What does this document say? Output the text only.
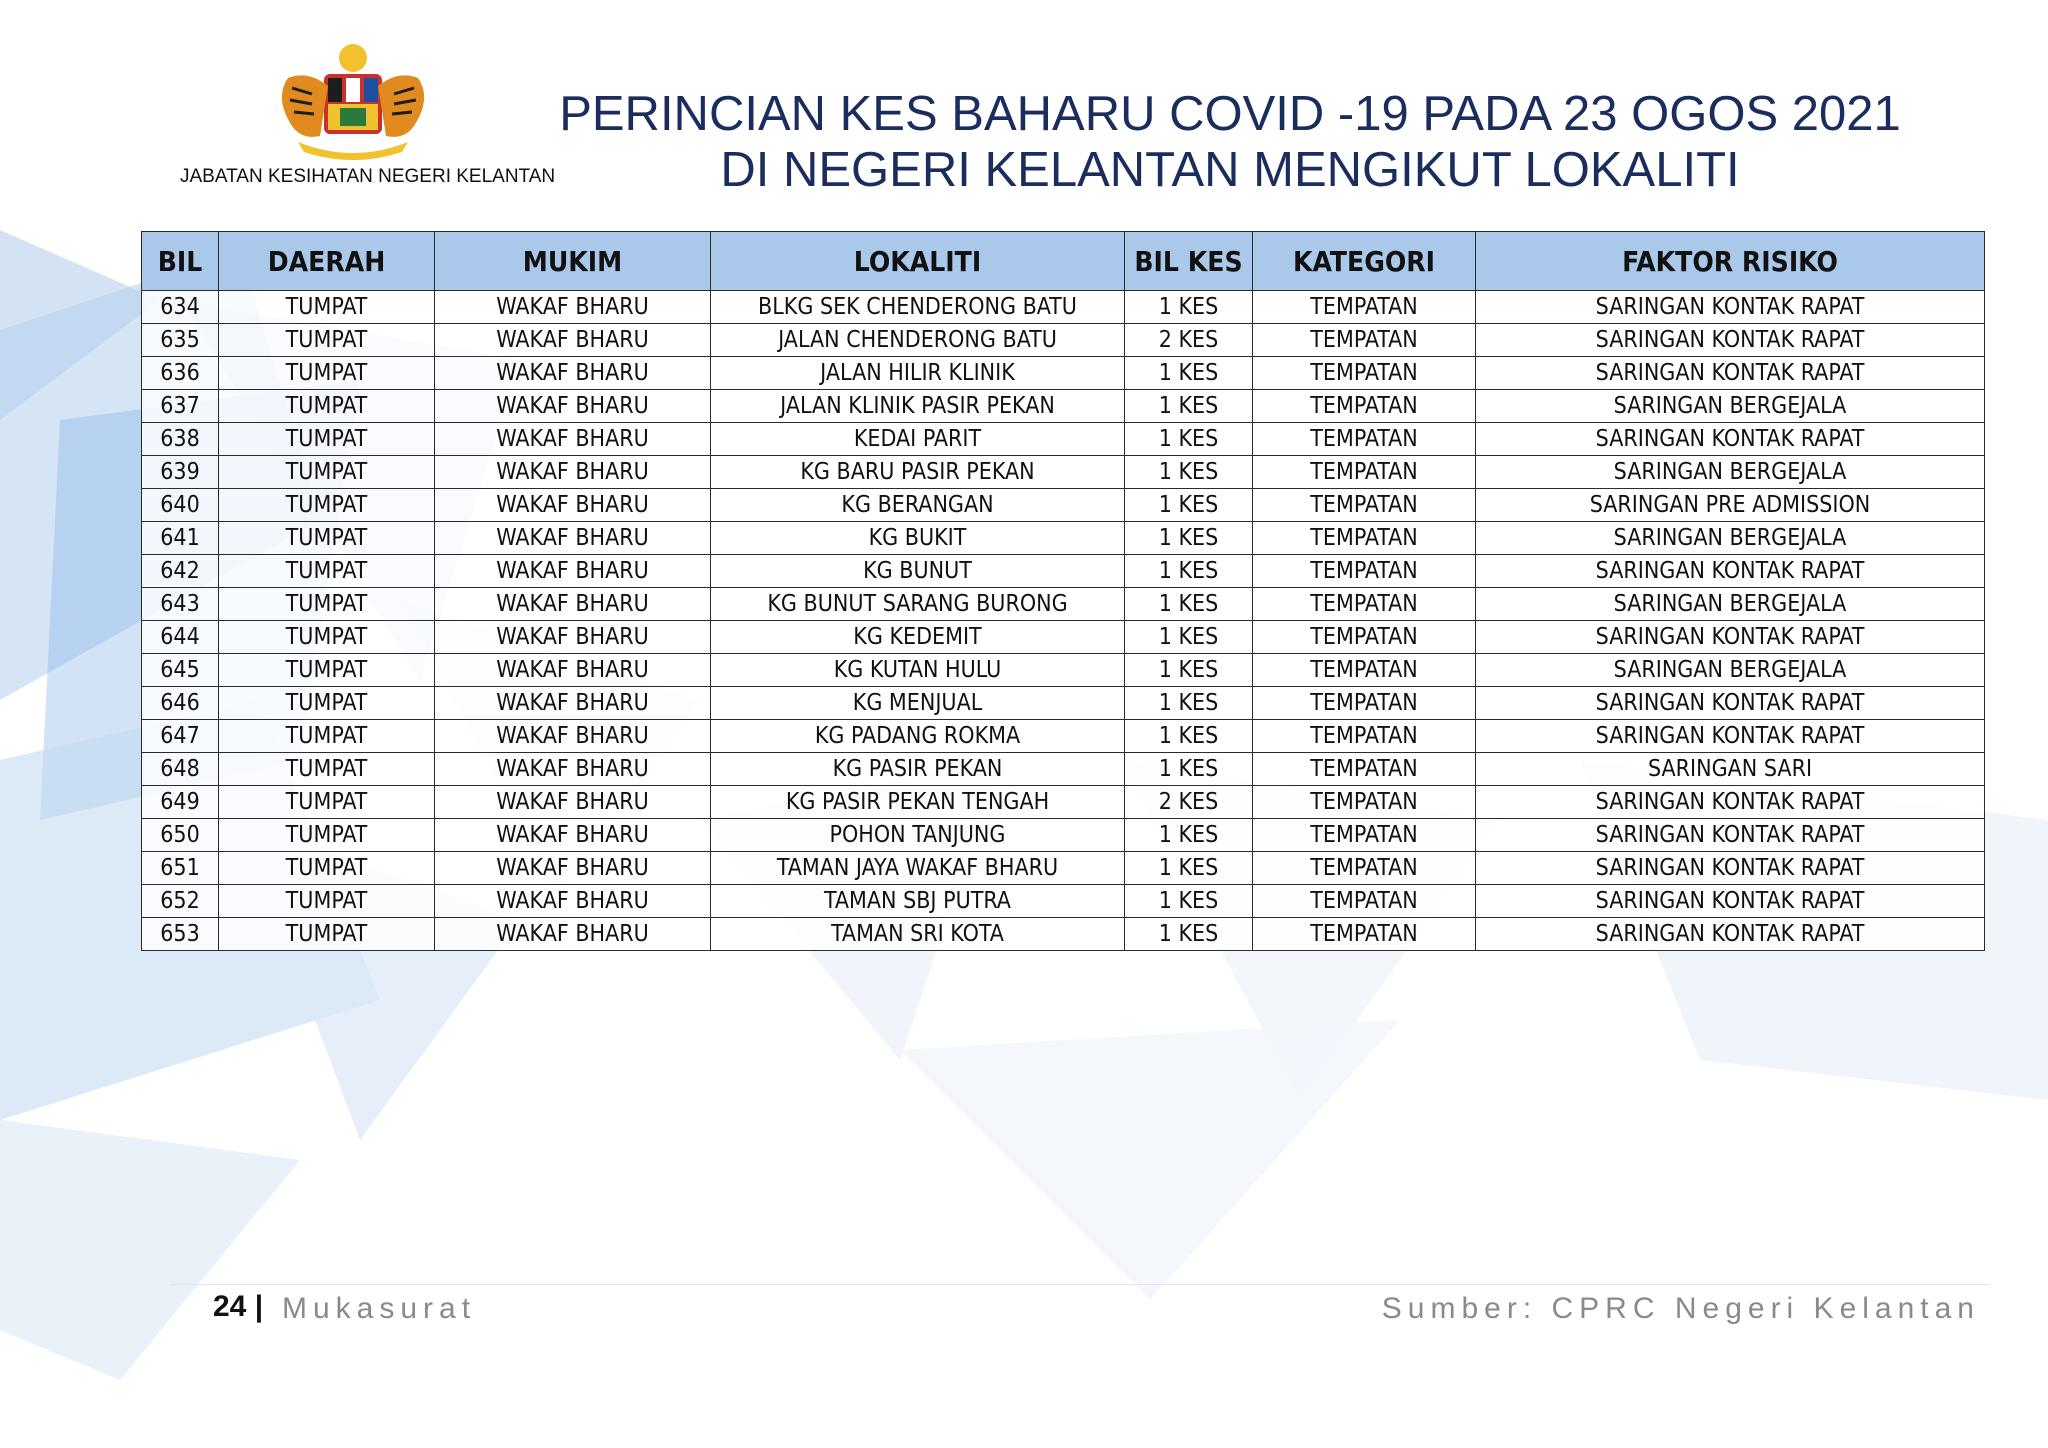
JABATAN KESIHATAN NEGERI KELANTAN
PERINCIAN KES BAHARU COVID -19 PADA 23 OGOS 2021
DI NEGERI KELANTAN MENGIKUT LOKALITI
BIL	DAERAH	MUKIM	LOKALITI	BIL KES	KATEGORI	FAKTOR RISIKO
634	TUMPAT	WAKAF BHARU	BLKG SEK CHENDERONG BATU	1 KES	TEMPATAN	SARINGAN KONTAK RAPAT
635	TUMPAT	WAKAF BHARU	JALAN CHENDERONG BATU	2 KES	TEMPATAN	SARINGAN KONTAK RAPAT
636	TUMPAT	WAKAF BHARU	JALAN HILIR KLINIK	1 KES	TEMPATAN	SARINGAN KONTAK RAPAT
637	TUMPAT	WAKAF BHARU	JALAN KLINIK PASIR PEKAN	1 KES	TEMPATAN	SARINGAN BERGEJALA
638	TUMPAT	WAKAF BHARU	KEDAI PARIT	1 KES	TEMPATAN	SARINGAN KONTAK RAPAT
639	TUMPAT	WAKAF BHARU	KG BARU PASIR PEKAN	1 KES	TEMPATAN	SARINGAN BERGEJALA
640	TUMPAT	WAKAF BHARU	KG BERANGAN	1 KES	TEMPATAN	SARINGAN PRE ADMISSION
641	TUMPAT	WAKAF BHARU	KG BUKIT	1 KES	TEMPATAN	SARINGAN BERGEJALA
642	TUMPAT	WAKAF BHARU	KG BUNUT	1 KES	TEMPATAN	SARINGAN KONTAK RAPAT
643	TUMPAT	WAKAF BHARU	KG BUNUT SARANG BURONG	1 KES	TEMPATAN	SARINGAN BERGEJALA
644	TUMPAT	WAKAF BHARU	KG KEDEMIT	1 KES	TEMPATAN	SARINGAN KONTAK RAPAT
645	TUMPAT	WAKAF BHARU	KG KUTAN HULU	1 KES	TEMPATAN	SARINGAN BERGEJALA
646	TUMPAT	WAKAF BHARU	KG MENJUAL	1 KES	TEMPATAN	SARINGAN KONTAK RAPAT
647	TUMPAT	WAKAF BHARU	KG PADANG ROKMA	1 KES	TEMPATAN	SARINGAN KONTAK RAPAT
648	TUMPAT	WAKAF BHARU	KG PASIR PEKAN	1 KES	TEMPATAN	SARINGAN SARI
649	TUMPAT	WAKAF BHARU	KG PASIR PEKAN TENGAH	2 KES	TEMPATAN	SARINGAN KONTAK RAPAT
650	TUMPAT	WAKAF BHARU	POHON TANJUNG	1 KES	TEMPATAN	SARINGAN KONTAK RAPAT
651	TUMPAT	WAKAF BHARU	TAMAN JAYA WAKAF BHARU	1 KES	TEMPATAN	SARINGAN KONTAK RAPAT
652	TUMPAT	WAKAF BHARU	TAMAN SBJ PUTRA	1 KES	TEMPATAN	SARINGAN KONTAK RAPAT
653	TUMPAT	WAKAF BHARU	TAMAN SRI KOTA	1 KES	TEMPATAN	SARINGAN KONTAK RAPAT
24 | Mukasurat	Sumber: CPRC Negeri Kelantan
